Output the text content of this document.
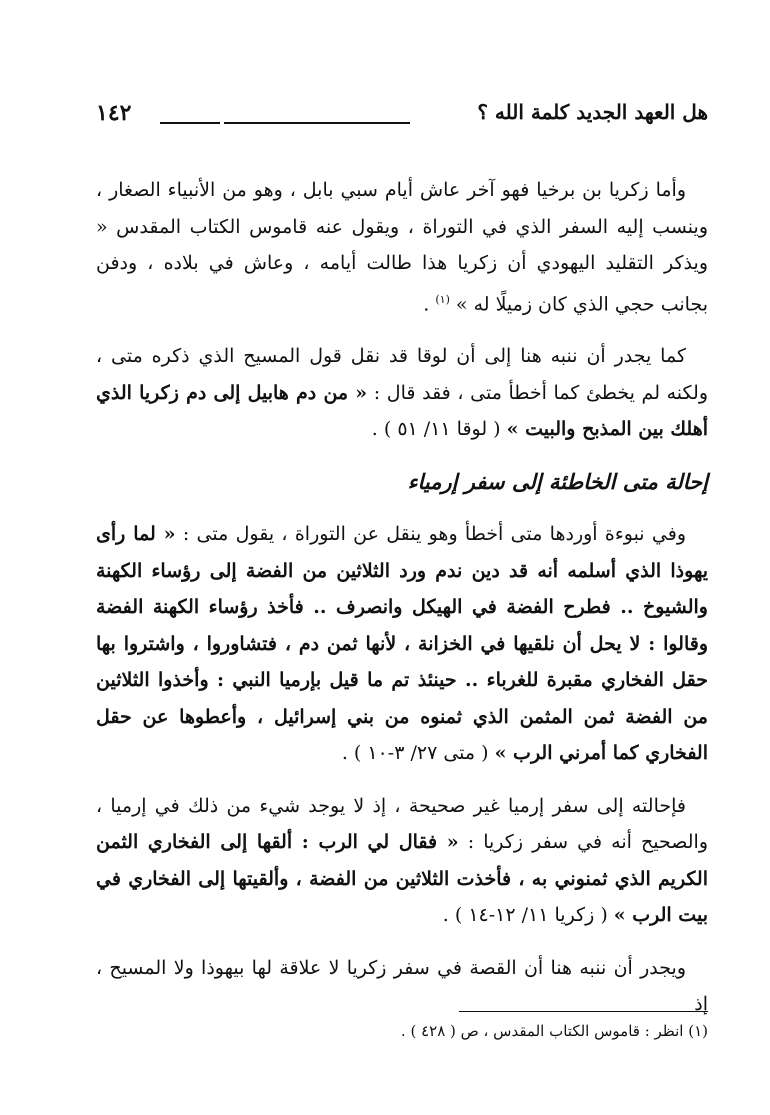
١٤٢	هل العهد الجديد كلمة الله ؟

وأما زكريا بن برخيا فهو آخر عاش أيام سبي بابل ، وهو من الأنبياء الصغار ، وينسب إليه السفر الذي في التوراة ، ويقول عنه قاموس الكتاب المقدس « ويذكر التقليد اليهودي أن زكريا هذا طالت أيامه ، وعاش في بلاده ، ودفن بجانب حجي الذي كان زميلًا له » $^{(١)}$ .

كما يجدر أن ننبه هنا إلى أن لوقا قد نقل قول المسيح الذي ذكره متى ، ولكنه لم يخطئ كما أخطأ متى ، فقد قال : « من دم هابيل إلى دم زكريا الذي أهلك بين المذبح والبيت » ( لوقا ١١/ ٥١ ) .

إحالة متى الخاطئة إلى سفر إرمياء

وفي نبوءة أوردها متى أخطأ وهو ينقل عن التوراة ، يقول متى : « لما رأى يهوذا الذي أسلمه أنه قد دين ندم ورد الثلاثين من الفضة إلى رؤساء الكهنة والشيوخ .. فطرح الفضة في الهيكل وانصرف .. فأخذ رؤساء الكهنة الفضة وقالوا : لا يحل أن نلقيها في الخزانة ، لأنها ثمن دم ، فتشاوروا ، واشتروا بها حقل الفخاري مقبرة للغرباء .. حينئذ تم ما قيل بإرميا النبي : وأخذوا الثلاثين من الفضة ثمن المثمن الذي ثمنوه من بني إسرائيل ، وأعطوها عن حقل الفخاري كما أمرني الرب » ( متى ٢٧/ ٣-١٠ ) .

فإحالته إلى سفر إرميا غير صحيحة ، إذ لا يوجد شيء من ذلك في إرميا ، والصحيح أنه في سفر زكريا : « فقال لي الرب : ألقها إلى الفخاري الثمن الكريم الذي ثمنوني به ، فأخذت الثلاثين من الفضة ، وألقيتها إلى الفخاري في بيت الرب » ( زكريا ١١/ ١٢-١٤ ) .

ويجدر أن ننبه هنا أن القصة في سفر زكريا لا علاقة لها بيهوذا ولا المسيح ، إذ

(١) انظر : قاموس الكتاب المقدس ، ص ( ٤٢٨ ) .
